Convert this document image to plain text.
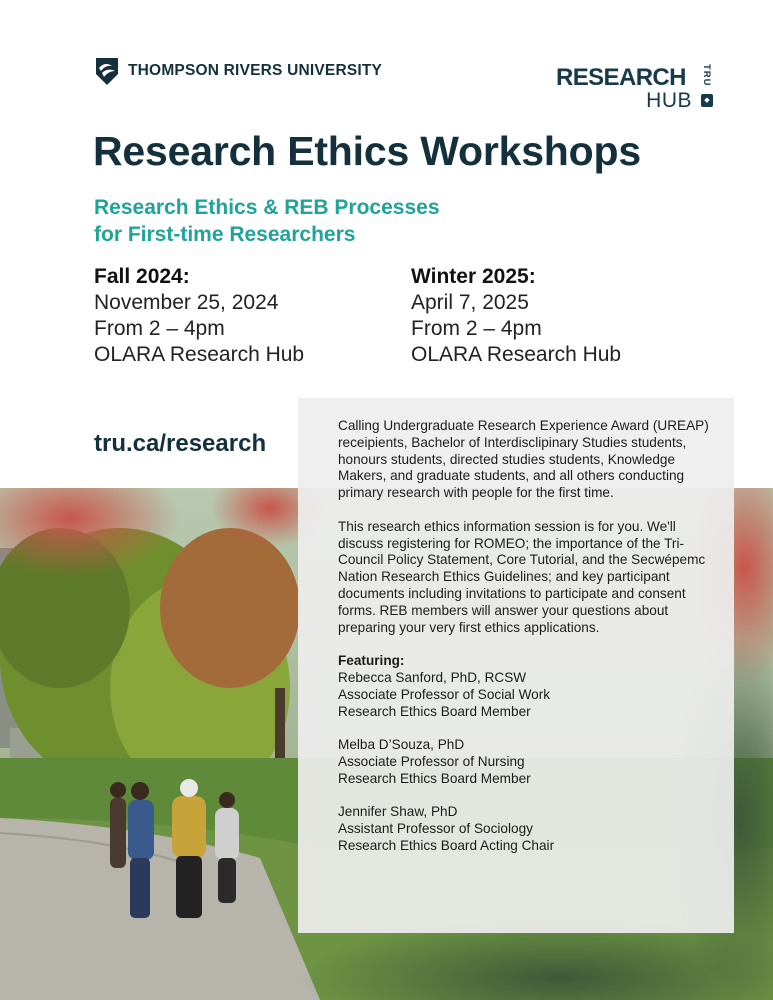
THOMPSON RIVERS UNIVERSITY	RESEARCH
HUB
TRU
◆
Research Ethics Workshops
Research Ethics & REB Processes
for First-time Researchers
Fall 2024:
November 25, 2024
From 2 – 4pm
OLARA Research Hub
Winter 2025:
April 7, 2025
From 2 – 4pm
OLARA Research Hub
tru.ca/research

Calling Undergraduate Research Experience Award (UREAP) receipients, Bachelor of Interdisclipinary Studies students, honours students, directed studies students, Knowledge Makers, and graduate students, and all others conducting primary research with people for the first time.

This research ethics information session is for you. We'll discuss registering for ROMEO; the importance of the Tri-Council Policy Statement, Core Tutorial, and the Secwépemc Nation Research Ethics Guidelines; and key participant documents including invitations to participate and consent forms. REB members will answer your questions about preparing your very first ethics applications.

Featuring:
Rebecca Sanford, PhD, RCSW
Associate Professor of Social Work
Research Ethics Board Member
Melba D’Souza, PhD
Associate Professor of Nursing
Research Ethics Board Member
Jennifer Shaw, PhD
Assistant Professor of Sociology
Research Ethics Board Acting Chair
